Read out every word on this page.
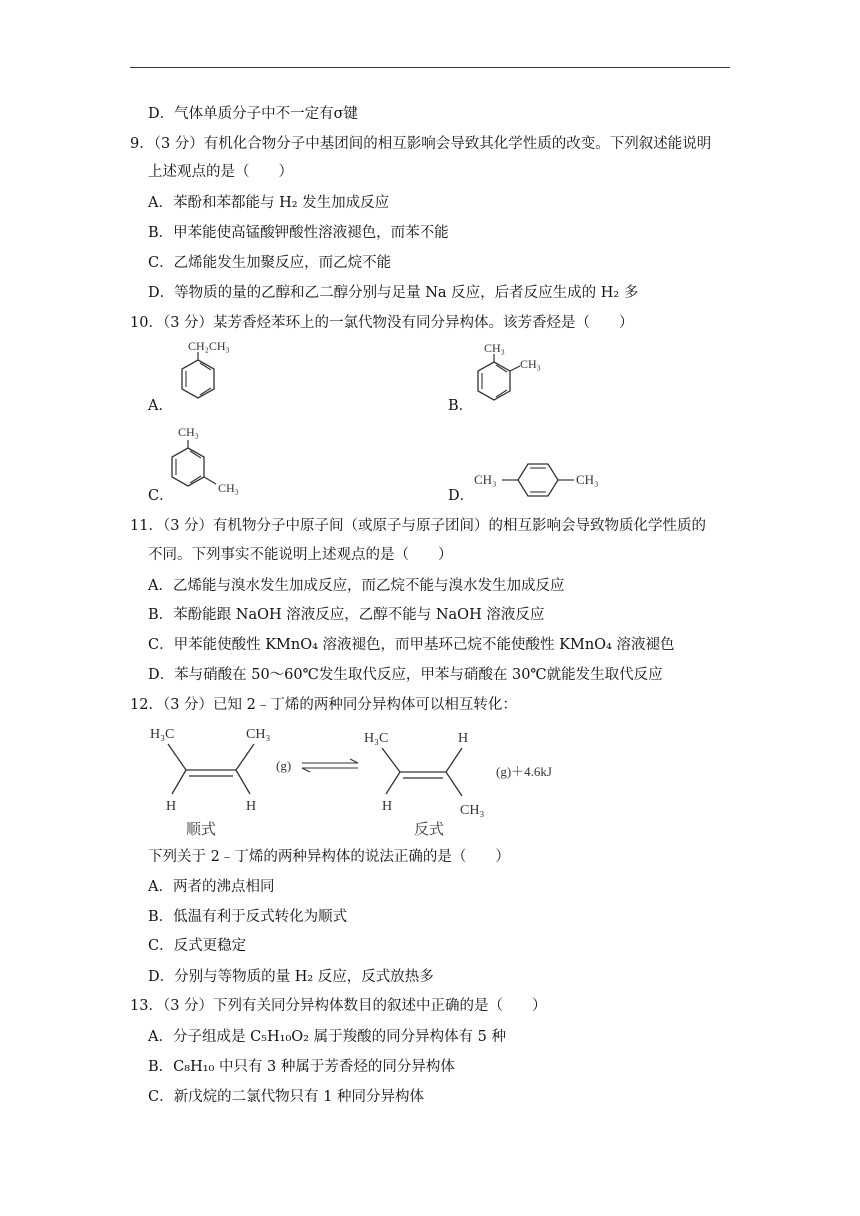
D．气体单质分子中不一定有σ键
9．（3 分）有机化合物分子中基团间的相互影响会导致其化学性质的改变。下列叙述能说明
上述观点的是（　　）
A．苯酚和苯都能与 H₂ 发生加成反应
B．甲苯能使高锰酸钾酸性溶液褪色，而苯不能
C．乙烯能发生加聚反应，而乙烷不能
D．等物质的量的乙醇和乙二醇分别与足量 Na 反应，后者反应生成的 H₂ 多
10．（3 分）某芳香烃苯环上的一氯代物没有同分异构体。该芳香烃是（　　）
A．
CH₂CH₃
B．
CH₃
CH₃
C．
CH₃
CH₃	D．
CH₃	CH₃
11．（3 分）有机物分子中原子间（或原子与原子团间）的相互影响会导致物质化学性质的
不同。下列事实不能说明上述观点的是（　　）
A．乙烯能与溴水发生加成反应，而乙烷不能与溴水发生加成反应
B．苯酚能跟 NaOH 溶液反应，乙醇不能与 NaOH 溶液反应
C．甲苯能使酸性 KMnO₄ 溶液褪色，而甲基环己烷不能使酸性 KMnO₄ 溶液褪色
D．苯与硝酸在 50～60℃发生取代反应，甲苯与硝酸在 30℃就能发生取代反应
12．（3 分）已知 2﹣丁烯的两种同分异构体可以相互转化：
H₃C	CH₃
H	H
顺式
(g)
H₃C	H
H	CH₃
反式
(g)＋4.6kJ
下列关于 2﹣丁烯的两种异构体的说法正确的是（　　）
A．两者的沸点相同
B．低温有利于反式转化为顺式
C．反式更稳定
D．分别与等物质的量 H₂ 反应，反式放热多
13．（3 分）下列有关同分异构体数目的叙述中正确的是（　　）
A．分子组成是 C₅H₁₀O₂ 属于羧酸的同分异构体有 5 种
B．C₈H₁₀ 中只有 3 种属于芳香烃的同分异构体
C．新戊烷的二氯代物只有 1 种同分异构体
